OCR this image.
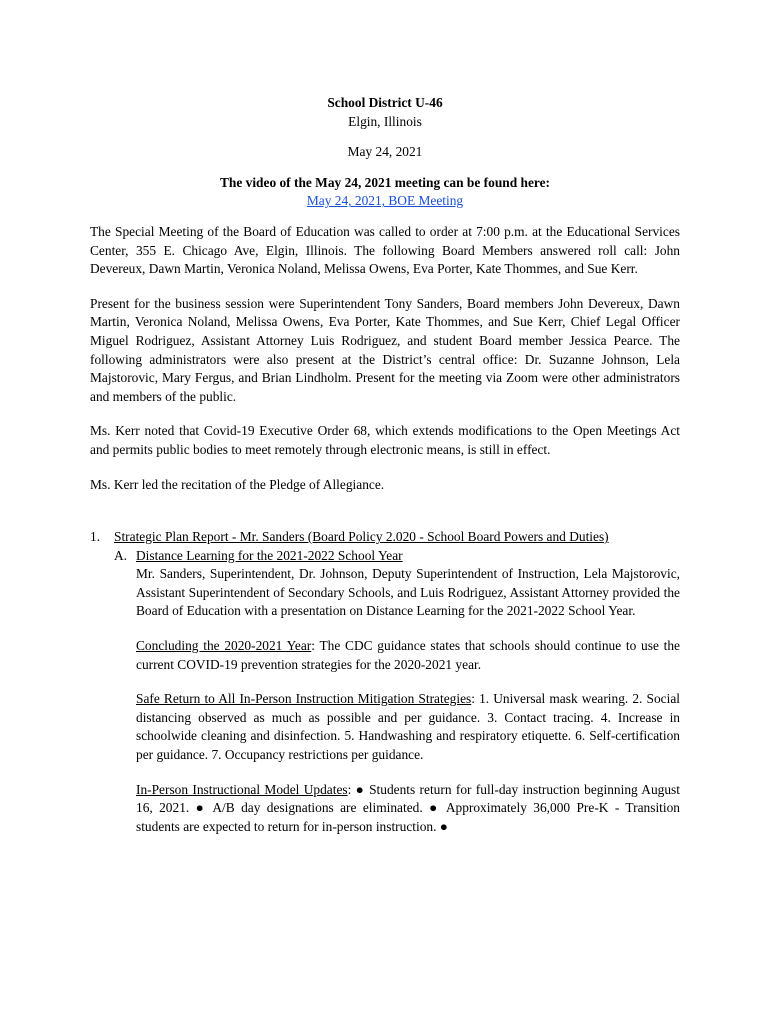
School District U-46
Elgin, Illinois
May 24, 2021
The video of the May 24, 2021 meeting can be found here:
May 24, 2021, BOE Meeting

The Special Meeting of the Board of Education was called to order at 7:00 p.m. at the Educational Services Center, 355 E. Chicago Ave, Elgin, Illinois. The following Board Members answered roll call: John Devereux, Dawn Martin, Veronica Noland, Melissa Owens, Eva Porter, Kate Thommes, and Sue Kerr.

Present for the business session were Superintendent Tony Sanders, Board members John Devereux, Dawn Martin, Veronica Noland, Melissa Owens, Eva Porter, Kate Thommes, and Sue Kerr, Chief Legal Officer Miguel Rodriguez, Assistant Attorney Luis Rodriguez, and student Board member Jessica Pearce. The following administrators were also present at the District’s central office: Dr. Suzanne Johnson, Lela Majstorovic, Mary Fergus, and Brian Lindholm. Present for the meeting via Zoom were other administrators and members of the public.

Ms. Kerr noted that Covid-19 Executive Order 68, which extends modifications to the Open Meetings Act and permits public bodies to meet remotely through electronic means, is still in effect.

Ms. Kerr led the recitation of the Pledge of Allegiance.

1. Strategic Plan Report - Mr. Sanders (Board Policy 2.020 - School Board Powers and Duties)
A. Distance Learning for the 2021-2022 School Year

Mr. Sanders, Superintendent, Dr. Johnson, Deputy Superintendent of Instruction, Lela Majstorovic, Assistant Superintendent of Secondary Schools, and Luis Rodriguez, Assistant Attorney provided the Board of Education with a presentation on Distance Learning for the 2021-2022 School Year.

Concluding the 2020-2021 Year: The CDC guidance states that schools should continue to use the current COVID-19 prevention strategies for the 2020-2021 year.

Safe Return to All In-Person Instruction Mitigation Strategies: 1. Universal mask wearing. 2. Social distancing observed as much as possible and per guidance. 3. Contact tracing. 4. Increase in schoolwide cleaning and disinfection. 5. Handwashing and respiratory etiquette. 6. Self-certification per guidance. 7. Occupancy restrictions per guidance.

In-Person Instructional Model Updates: ● Students return for full-day instruction beginning August 16, 2021. ● A/B day designations are eliminated. ● Approximately 36,000 Pre-K - Transition students are expected to return for in-person instruction. ●
